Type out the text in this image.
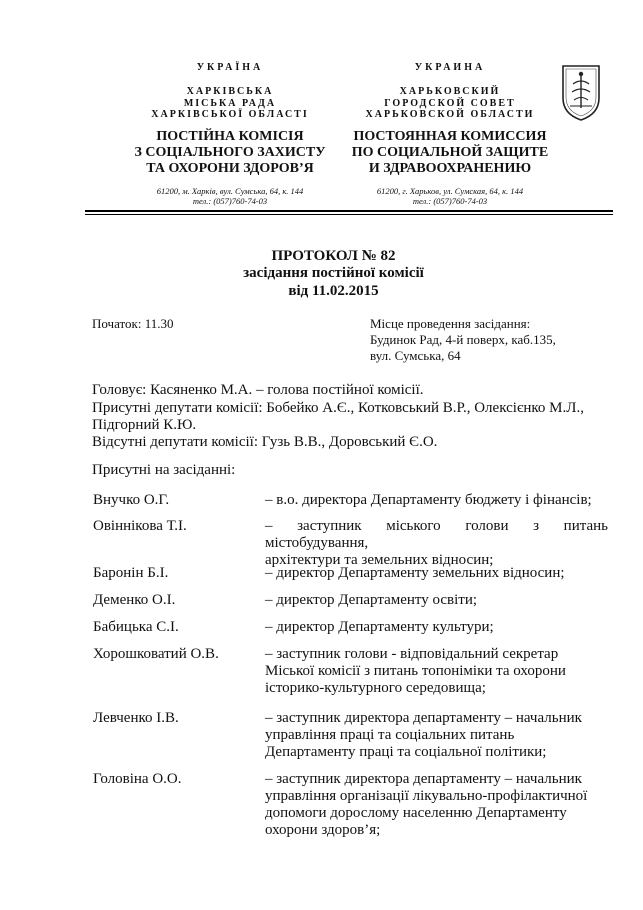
УКРАЇНА
ХАРКІВСЬКА
МІСЬКА РАДА
ХАРКІВСЬКОЇ ОБЛАСТІ
ПОСТІЙНА КОМІСІЯ
З СОЦІАЛЬНОГО ЗАХИСТУ
ТА ОХОРОНИ ЗДОРОВ’Я
61200, м. Харків, вул. Сумська, 64, к. 144
тел.: (057)760-74-03
УКРАИНА
ХАРЬКОВСКИЙ
ГОРОДСКОЙ СОВЕТ
ХАРЬКОВСКОЙ ОБЛАСТИ
ПОСТОЯННАЯ КОМИССИЯ
ПО СОЦИАЛЬНОЙ ЗАЩИТЕ
И ЗДРАВООХРАНЕНИЮ
61200, г. Харьков, ул. Сумская, 64, к. 144
тел.: (057)760-74-03
ПРОТОКОЛ № 82
засідання постійної комісії
від 11.02.2015
Початок: 11.30	Місце проведення засідання:
Будинок Рад, 4-й поверх, каб.135,
вул. Сумська, 64
Головує: Касяненко М.А. – голова постійної комісії.
Присутні депутати комісії: Бобейко А.Є., Котковський В.Р., Олексієнко М.Л.,
Підгорний К.Ю.
Відсутні депутати комісії: Гузь В.В., Доровський Є.О.
Присутні на засіданні:
Внучко О.Г.	– в.о. директора Департаменту бюджету і фінансів;
Овіннікова Т.І.	– заступник міського голови з питань містобудування,
архітектури та земельних відносин;
Баронін Б.І.	– директор Департаменту земельних відносин;
Деменко О.І.	– директор Департаменту освіти;
Бабицька С.І.	– директор Департаменту культури;
Хорошковатий О.В.	– заступник голови - відповідальний секретар
Міської комісії з питань топоніміки та охорони
історико-культурного середовища;
Левченко І.В.	– заступник директора департаменту – начальник
управління праці та соціальних питань
Департаменту праці та соціальної політики;
Головіна О.О.	– заступник директора департаменту – начальник
управління організації лікувально-профілактичної
допомоги дорослому населенню Департаменту
охорони здоров’я;
